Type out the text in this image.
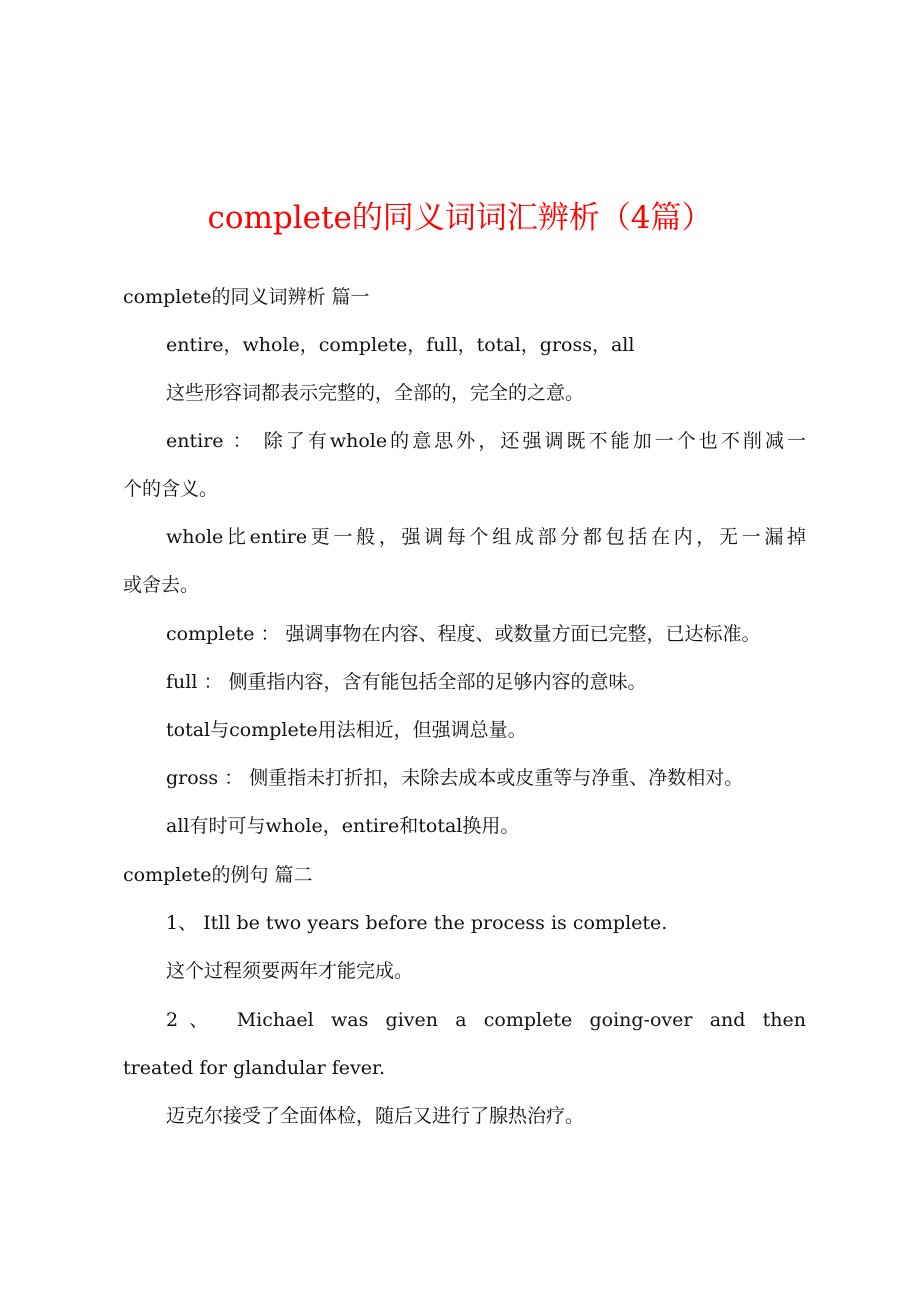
complete的同义词词汇辨析（4篇）
complete的同义词辨析 篇一
entire，whole，complete，full，total，gross，all
这些形容词都表示完整的，全部的，完全的之意。
entire ： 除了有whole的意思外，还强调既不能加一个也不削减一
个的含义。
whole比entire更一般，强调每个组成部分都包括在内，无一漏掉
或舍去。
complete ： 强调事物在内容、程度、或数量方面已完整，已达标准。
full ： 侧重指内容，含有能包括全部的足够内容的意味。
total与complete用法相近，但强调总量。
gross ： 侧重指未打折扣，未除去成本或皮重等与净重、净数相对。
all有时可与whole，entire和total换用。
complete的例句 篇二
1、 Itll be two years before the process is complete.
这个过程须要两年才能完成。
2、 Michael was given a complete going-over and then
treated for glandular fever.
迈克尔接受了全面体检，随后又进行了腺热治疗。
